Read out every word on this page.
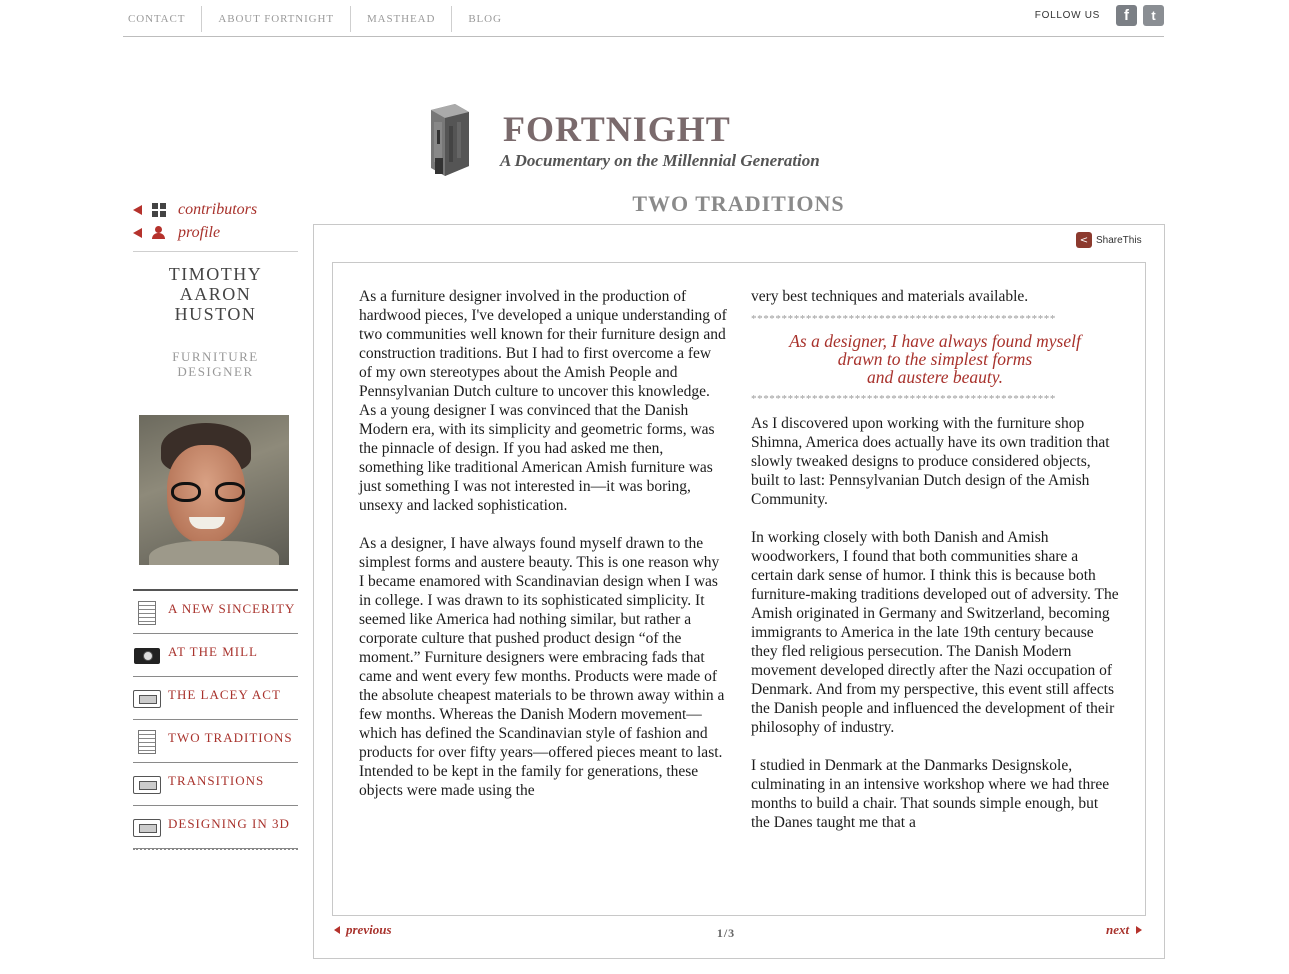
CONTACT	ABOUT FORTNIGHT	MASTHEAD	BLOG	FOLLOW US	f	t
FORTNIGHT
A Documentary on the Millennial Generation
TWO TRADITIONS
contributors
profile
TIMOTHY
AARON
HUSTON
FURNITURE
DESIGNER
A NEW SINCERITY
AT THE MILL
THE LACEY ACT
TWO TRADITIONS
TRANSITIONS
DESIGNING IN 3D
< ShareThis

As a furniture designer involved in the production of hardwood pieces, I've developed a unique understanding of two communities well known for their furniture design and construction traditions. But I had to first overcome a few of my own stereotypes about the Amish People and Pennsylvanian Dutch culture to uncover this knowledge. As a young designer I was convinced that the Danish Modern era, with its simplicity and geometric forms, was the pinnacle of design. If you had asked me then, something like traditional American Amish furniture was just something I was not interested in—it was boring, unsexy and lacked sophistication.

As a designer, I have always found myself drawn to the simplest forms and austere beauty. This is one reason why I became enamored with Scandinavian design when I was in college. I was drawn to its sophisticated simplicity. It seemed like America had nothing similar, but rather a corporate culture that pushed product design “of the moment.” Furniture designers were embracing fads that came and went every few months. Products were made of the absolute cheapest materials to be thrown away within a few months. Whereas the Danish Modern movement—which has defined the Scandinavian style of fashion and products for over fifty years—offered pieces meant to last. Intended to be kept in the family for generations, these objects were made using the

very best techniques and materials available.

**************************************************
As a designer, I have always found myself
drawn to the simplest forms
and austere beauty.
**************************************************

As I discovered upon working with the furniture shop Shimna, America does actually have its own tradition that slowly tweaked designs to produce considered objects, built to last: Pennsylvanian Dutch design of the Amish Community.

In working closely with both Danish and Amish woodworkers, I found that both communities share a certain dark sense of humor. I think this is because both furniture-making traditions developed out of adversity. The Amish originated in Germany and Switzerland, becoming immigrants to America in the late 19th century because they fled religious persecution. The Danish Modern movement developed directly after the Nazi occupation of Denmark. And from my perspective, this event still affects the Danish people and influenced the development of their philosophy of industry.

I studied in Denmark at the Danmarks Designskole, culminating in an intensive workshop where we had three months to build a chair. That sounds simple enough, but the Danes taught me that a

previous	1/3	next
